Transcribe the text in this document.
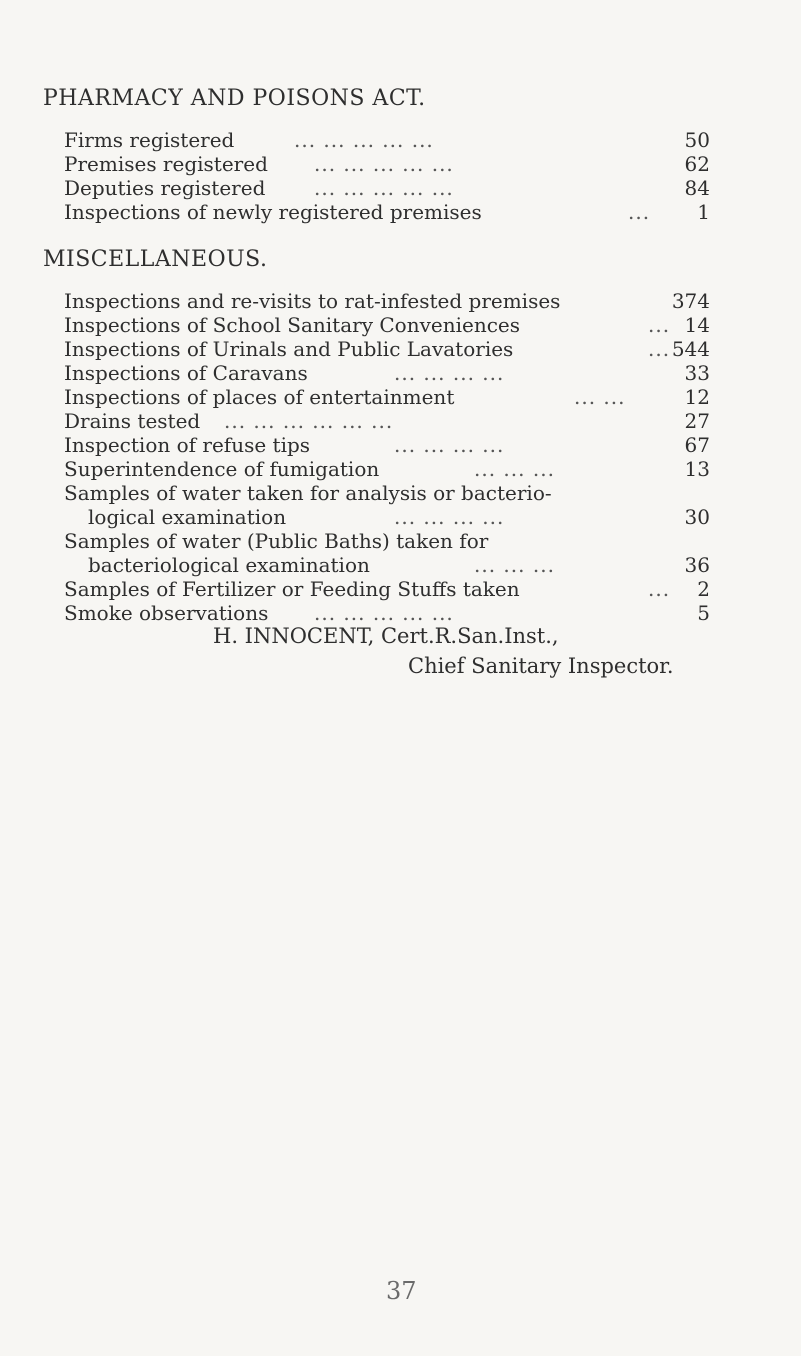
PHARMACY AND POISONS ACT.
Firms registered	... ... ... ... ...	50
Premises registered ... ... ... ... ...	62
Deputies registered ... ... ... ... ...	84
Inspections of newly registered premises	... 1
MISCELLANEOUS.
Inspections and re-visits to rat-infested premises	374
Inspections of School Sanitary Conveniences	... 14
Inspections of Urinals and Public Lavatories	... 544
Inspections of Caravans	... ... ... ...	33
Inspections of places of entertainment	... ...	12
Drains tested ... ... ... ... ... ...	27
Inspection of refuse tips	... ... ... ...	67
Superintendence of fumigation	... ... ...	13
Samples of water taken for analysis or bacterio-
logical examination	... ... ... ...	30
Samples of water (Public Baths) taken for
bacteriological examination	... ... ...	36
Samples of Fertilizer or Feeding Stuffs taken	... 2
Smoke observations ... ... ... ... ...	5
H. INNOCENT, Cert.R.San.Inst.,
Chief Sanitary Inspector.
37
